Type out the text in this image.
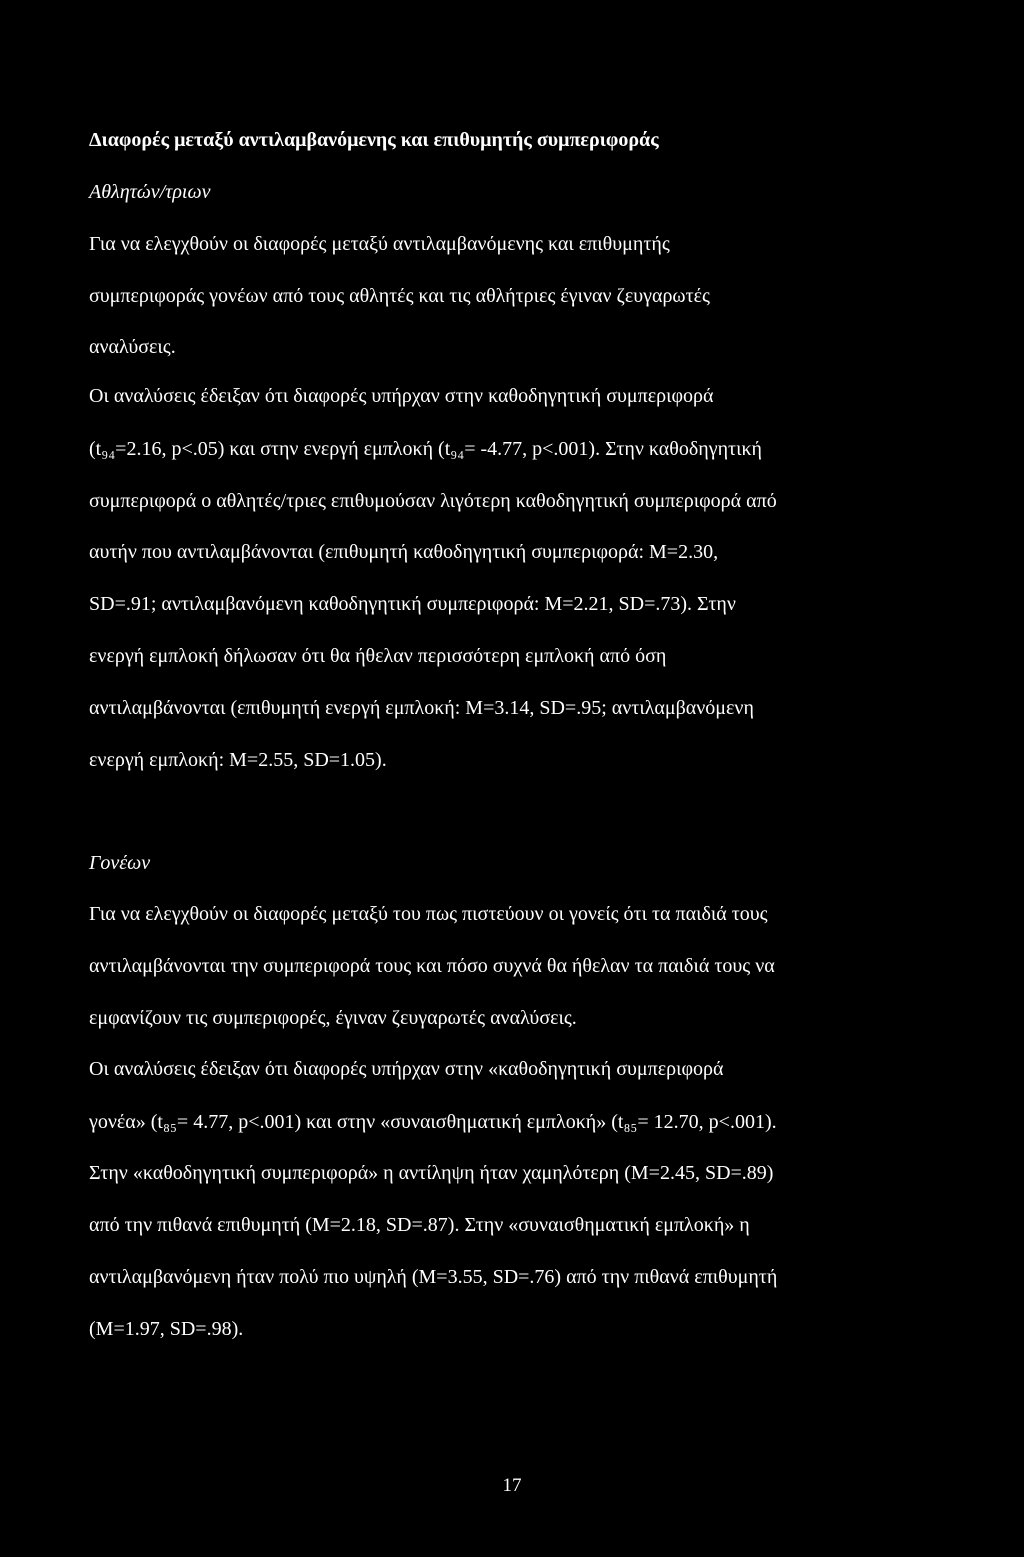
Διαφορές μεταξύ αντιλαμβανόμενης και επιθυμητής συμπεριφοράς
Αθλητών/τριων
Για να ελεγχθούν οι διαφορές μεταξύ αντιλαμβανόμενης και επιθυμητής
συμπεριφοράς γονέων από τους αθλητές και τις αθλήτριες έγιναν ζευγαρωτές
αναλύσεις.
Οι αναλύσεις έδειξαν ότι διαφορές υπήρχαν στην καθοδηγητική συμπεριφορά
(t₉₄=2.16, p<.05) και στην ενεργή εμπλοκή (t₉₄= -4.77, p<.001). Στην καθοδηγητική
συμπεριφορά ο αθλητές/τριες επιθυμούσαν λιγότερη καθοδηγητική συμπεριφορά από
αυτήν που αντιλαμβάνονται (επιθυμητή καθοδηγητική συμπεριφορά: M=2.30,
SD=.91; αντιλαμβανόμενη καθοδηγητική συμπεριφορά: M=2.21, SD=.73). Στην
ενεργή εμπλοκή δήλωσαν ότι θα ήθελαν περισσότερη εμπλοκή από όση
αντιλαμβάνονται (επιθυμητή ενεργή εμπλοκή: M=3.14, SD=.95; αντιλαμβανόμενη
ενεργή εμπλοκή: M=2.55, SD=1.05).
Γονέων
Για να ελεγχθούν οι διαφορές μεταξύ του πως πιστεύουν οι γονείς ότι τα παιδιά τους
αντιλαμβάνονται την συμπεριφορά τους και πόσο συχνά θα ήθελαν τα παιδιά τους να
εμφανίζουν τις συμπεριφορές, έγιναν ζευγαρωτές αναλύσεις.
Οι αναλύσεις έδειξαν ότι διαφορές υπήρχαν στην «καθοδηγητική συμπεριφορά
γονέα» (t₈₅= 4.77, p<.001) και στην «συναισθηματική εμπλοκή» (t₈₅= 12.70, p<.001).
Στην «καθοδηγητική συμπεριφορά» η αντίληψη ήταν χαμηλότερη (M=2.45, SD=.89)
από την πιθανά επιθυμητή (M=2.18, SD=.87). Στην «συναισθηματική εμπλοκή» η
αντιλαμβανόμενη ήταν πολύ πιο υψηλή (M=3.55, SD=.76) από την πιθανά επιθυμητή
(M=1.97, SD=.98).
17
